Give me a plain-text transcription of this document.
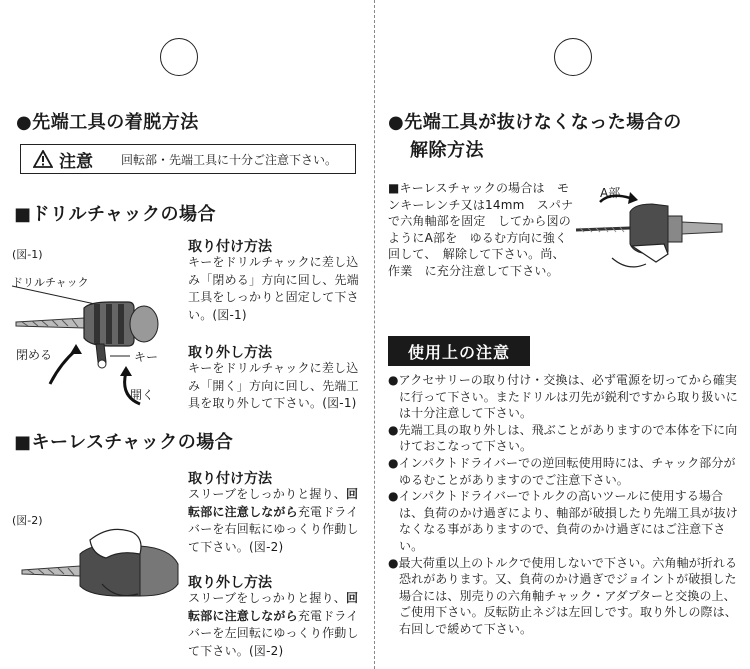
●先端工具の着脱方法
注意 回転部・先端工具に十分ご注意下さい。
■ドリルチャックの場合
(図-1)
ドリルチャック
閉める	キー
開く
取り付け方法

キーをドリルチャックに差し込み「閉める」方向に回し、先端工具をしっかりと固定して下さい。(図-1)

取り外し方法

キーをドリルチャックに差し込み「開く」方向に回し、先端工具を取り外して下さい。(図-1)

■キーレスチャックの場合
(図-2)
取り付け方法

スリーブをしっかりと握り、回転部に注意しながら充電ドライバーを右回転にゆっくり作動して下さい。(図-2)

取り外し方法

スリーブをしっかりと握り、回転部に注意しながら充電ドライバーを左回転にゆっくり作動して下さい。(図-2)

●先端工具が抜けなくなった場合の
解除方法

■キーレスチャックの場合は　モンキーレンチ又は14mm　スパナで六角軸部を固定　してから図のようにA部を　ゆるむ方向に強く回して、　解除して下さい。尚、作業　に充分注意して下さい。

A部
使用上の注意
●アクセサリーの取り付け・交換は、必ず電源を切ってから確実に行って下さい。またドリルは刃先が鋭利ですから取り扱いには十分注意して下さい。
●先端工具の取り外しは、飛ぶことがありますので本体を下に向けておこなって下さい。
●インパクトドライバーでの逆回転使用時には、チャック部分がゆるむことがありますのでご注意下さい。
●インパクトドライバーでトルクの高いツールに使用する場合は、負荷のかけ過ぎにより、軸部が破損したり先端工具が抜けなくなる事がありますので、負荷のかけ過ぎにはご注意下さい。
●最大荷重以上のトルクで使用しないで下さい。六角軸が折れる恐れがあります。又、負荷のかけ過ぎでジョイントが破損した場合には、別売りの六角軸チャック・アダプターと交換の上、ご使用下さい。反転防止ネジは左回しです。取り外しの際は、右回しで緩めて下さい。
